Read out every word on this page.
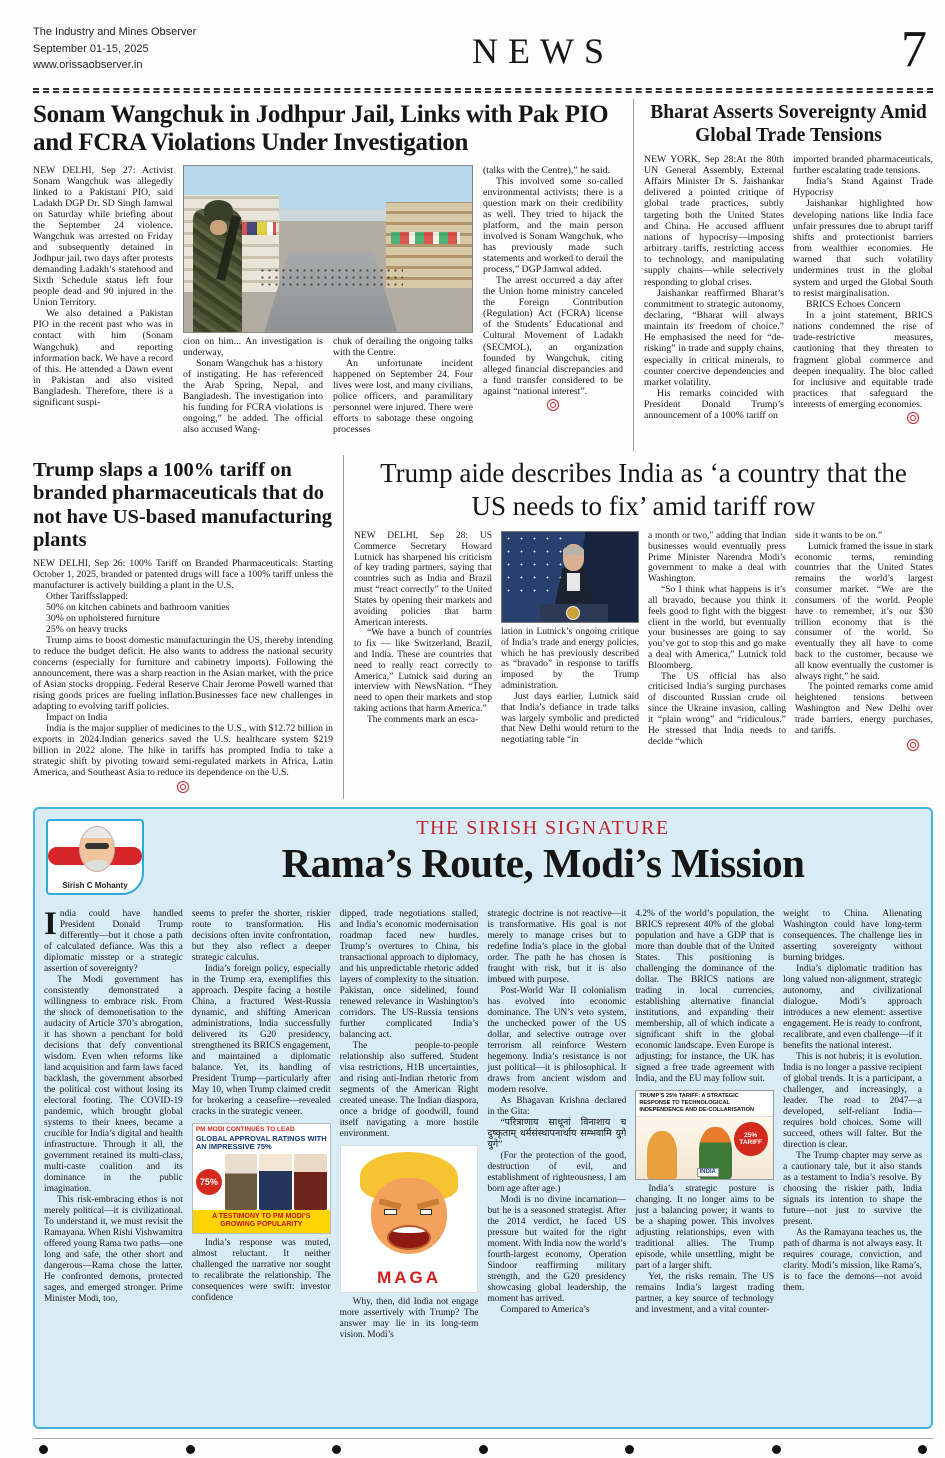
The Industry and Mines Observer
September 01-15, 2025
www.orissaobserver.in	NEWS	7
Sonam Wangchuk in Jodhpur Jail, Links with Pak PIO and FCRA Violations Under Investigation

NEW DELHI, Sep 27: Activist Sonam Wangchuk was allegedly linked to a Pakistani PIO, said Ladakh DGP Dr. SD Singh Jamwal on Saturday while briefing about the September 24 violence. Wangchuk was arrested on Friday and subsequently detained in Jodhpur jail, two days after protests demanding Ladakh’s statehood and Sixth Schedule status left four people dead and 90 injured in the Union Territory.

We also detained a Pakistan PIO in the recent past who was in contact with him (Sonam Wangchuk) and reporting information back. We have a record of this. He attended a Dawn event in Pakistan and also visited Bangladesh. Therefore, there is a significant suspi-

cion on him... An investigation is underway,

Sonam Wangchuk has a history of instigating. He has referenced the Arab Spring, Nepal, and Bangladesh. The investigation into his funding for FCRA violations is ongoing,” he added. The official also accused Wang-

chuk of derailing the ongoing talks with the Centre.

An unfortunate incident happened on September 24. Four lives were lost, and many civilians, police officers, and paramilitary personnel were injured. There were efforts to sabotage these ongoing processes

(talks with the Centre),” he said.

This involved some so-called environmental activists; there is a question mark on their credibility as well. They tried to hijack the platform, and the main person involved is Sonam Wangchuk, who has previously made such statements and worked to derail the process,” DGP Jamwal added.

The arrest occurred a day after the Union home ministry canceled the Foreign Contribution (Regulation) Act (FCRA) license of the Students’ Educational and Cultural Movement of Ladakh (SECMOL), an organization founded by Wangchuk, citing alleged financial discrepancies and a fund transfer considered to be against “national interest”.

Bharat Asserts Sovereignty Amid Global Trade Tensions

NEW YORK, Sep 28:At the 80th UN General Assembly, External Affairs Minister Dr S. Jaishankar delivered a pointed critique of global trade practices, subtly targeting both the United States and China. He accused affluent nations of hypocrisy—imposing arbitrary tariffs, restricting access to technology, and manipulating supply chains—while selectively responding to global crises.

Jaishankar reaffirmed Bharat’s commitment to strategic autonomy, declaring, “Bharat will always maintain its freedom of choice.” He emphasised the need for “de-risking” in trade and supply chains, especially in critical minerals, to counter coercive dependencies and market volatility.

His remarks coincided with President Donald Trump’s announcement of a 100% tariff on

imported branded pharmaceuticals, further escalating trade tensions.

India’s Stand Against Trade Hypocrisy

Jaishankar highlighted how developing nations like India face unfair pressures due to abrupt tariff shifts and protectionist barriers from wealthier economies. He warned that such volatility undermines trust in the global system and urged the Global South to resist marginalisation.

BRICS Echoes Concern

In a joint statement, BRICS nations condemned the rise of trade-restrictive measures, cautioning that they threaten to fragment global commerce and deepen inequality. The bloc called for inclusive and equitable trade practices that safeguard the interests of emerging economies.

Trump slaps a 100% tariff on branded pharmaceuticals that do not have US-based manufacturing plants

NEW DELHI, Sep 26: 100% Tariff on Branded Pharmaceuticals: Starting October 1, 2025, branded or patented drugs will face a 100% tariff unless the manufacturer is actively building a plant in the U.S.

Other Tariffsslapped:

50% on kitchen cabinets and bathroom vanities

30% on upholstered furniture

25% on heavy trucks

Trump aims to boost domestic manufacturingin the US, thereby intending to reduce the budget deficit. He also wants to address the national security concerns (especially for furniture and cabinetry imports). Following the announcement, there was a sharp reaction in the Asian market, with the price of Asian stocks dropping. Federal Reserve Chair Jerome Powell warned that rising goods prices are fueling inflation.Businesses face new challenges in adapting to evolving tariff policies.

Impact on India

India is the major supplier of medicines to the U.S., with $12.72 billion in exports in 2024.Indian generics saved the U.S. healthcare system $219 billion in 2022 alone. The hike in tariffs has prompted India to take a strategic shift by pivoting toward semi-regulated markets in Africa, Latin America, and Southeast Asia to reduce its dependence on the U.S.

Trump aide describes India as ‘a country that the US needs to fix’ amid tariff row

NEW DELHI, Sep 28: US Commerce Secretary Howard Lutnick has sharpened his criticism of key trading partners, saying that countries such as India and Brazil must “react correctly” to the United States by opening their markets and avoiding policies that harm American interests.

“We have a bunch of countries to fix — like Switzerland, Brazil, and India. These are countries that need to really react correctly to America,” Lutnick said during an interview with NewsNation. “They need to open their markets and stop taking actions that harm America.”

The comments mark an esca-

lation in Lutnick’s ongoing critique of India’s trade and energy policies, which he has previously described as “bravado” in response to tariffs imposed by the Trump administration.

Just days earlier, Lutnick said that India’s defiance in trade talks was largely symbolic and predicted that New Delhi would return to the negotiating table “in

a month or two," adding that Indian businesses would eventually press Prime Minister Narendra Modi’s government to make a deal with Washington.

“So I think what happens is it’s all bravado, because you think it feels good to fight with the biggest client in the world, but eventually your businesses are going to say you’ve got to stop this and go make a deal with America,” Lutnick told Bloomberg.

The US official has also criticised India’s surging purchases of discounted Russian crude oil since the Ukraine invasion, calling it “plain wrong” and “ridiculous.” He stressed that India needs to decide “which

side it wants to be on.”

Lutnick framed the issue in stark economic terms, reminding countries that the United States remains the world’s largest consumer market. “We are the consumers of the world. People have to remember, it’s our $30 trillion economy that is the consumer of the world. So eventually they all have to come back to the customer, because we all know eventually the customer is always right,” he said.

The pointed remarks come amid heightened tensions between Washington and New Delhi over trade barriers, energy purchases, and tariffs.

Sirish C Mohanty
THE SIRISH SIGNATURE
Rama’s Route, Modi’s Mission

India could have handled President Donald Trump differently—but it chose a path of calculated defiance. Was this a diplomatic misstep or a strategic assertion of sovereignty?

The Modi government has consistently demonstrated a willingness to embrace risk. From the shock of demonetisation to the audacity of Article 370’s abrogation, it has shown a penchant for bold decisions that defy conventional wisdom. Even when reforms like land acquisition and farm laws faced backlash, the government absorbed the political cost without losing its electoral footing. The COVID-19 pandemic, which brought global systems to their knees, became a crucible for India’s digital and health infrastructure. Through it all, the government retained its multi-class, multi-caste coalition and its dominance in the public imagination.

This risk-embracing ethos is not merely political—it is civilizational. To understand it, we must revisit the Ramayana. When Rishi Vishwamitra offered young Rama two paths—one long and safe, the other short and dangerous—Rama chose the latter. He confronted demons, protected sages, and emerged stronger. Prime Minister Modi, too,

seems to prefer the shorter, riskier route to transformation. His decisions often invite confrontation, but they also reflect a deeper strategic calculus.

India’s foreign policy, especially in the Trump era, exemplifies this approach. Despite facing a hostile China, a fractured West-Russia dynamic, and shifting American administrations, India successfully delivered its G20 presidency, strengthened its BRICS engagement, and maintained a diplomatic balance. Yet, its handling of President Trump—particularly after May 10, when Trump claimed credit for brokering a ceasefire—revealed cracks in the strategic veneer.

PM MODI CONTINUES TO LEAD
GLOBAL APPROVAL RATINGS WITH AN IMPRESSIVE 75%
75%
A TESTIMONY TO PM MODI’S GROWING POPULARITY

India’s response was muted, almost reluctant. It neither challenged the narrative nor sought to recalibrate the relationship. The consequences were swift: investor confidence

dipped, trade negotiations stalled, and India’s economic modernisation roadmap faced new hurdles. Trump’s overtures to China, his transactional approach to diplomacy, and his unpredictable rhetoric added layers of complexity to the situation. Pakistan, once sidelined, found renewed relevance in Washington’s corridors. The US-Russia tensions further complicated India’s balancing act.

The people-to-people relationship also suffered. Student visa restrictions, H1B uncertainties, and rising anti-Indian rhetoric from segments of the American Right created unease. The Indian diaspora, once a bridge of goodwill, found itself navigating a more hostile environment.

MAGA

Why, then, did India not engage more assertively with Trump? The answer may lie in its long-term vision. Modi’s

strategic doctrine is not reactive—it is transformative. His goal is not merely to manage crises but to redefine India’s place in the global order. The path he has chosen is fraught with risk, but it is also imbued with purpose.

Post-World War II colonialism has evolved into economic dominance. The UN’s veto system, the unchecked power of the US dollar, and selective outrage over terrorism all reinforce Western hegemony. India’s resistance is not just political—it is philosophical. It draws from ancient wisdom and modern resolve.

As Bhagavan Krishna declared in the Gita:

“परित्राणाय साधूनां विनाशाय च दुष्कृताम् धर्मसंस्थापनार्थाय सम्भवामि युगे युगे”

(For the protection of the good, destruction of evil, and establishment of righteousness, I am born age after age.)

Modi is no divine incarnation—but he is a seasoned strategist. After the 2014 verdict, he faced US pressure but waited for the right moment. With India now the world’s fourth-largest economy, Operation Sindoor reaffirming military strength, and the G20 presidency showcasing global leadership, the moment has arrived.

Compared to America’s

4.2% of the world’s population, the BRICS represent 40% of the global population and have a GDP that is more than double that of the United States. This positioning is challenging the dominance of the dollar. The BRICS nations are trading in local currencies, establishing alternative financial institutions, and expanding their membership, all of which indicate a significant shift in the global economic landscape. Even Europe is adjusting; for instance, the UK has signed a free trade agreement with India, and the EU may follow suit.

TRUMP’S 25% TARIFF: A STRATEGIC RESPONSE TO TECHNOLOGICAL INDEPENDENCE AND DE-COLLARISATION
INDIA
25% TARIFF

India’s strategic posture is changing. It no longer aims to be just a balancing power; it wants to be a shaping power. This involves adjusting relationships, even with traditional allies. The Trump episode, while unsettling, might be part of a larger shift.

Yet, the risks remain. The US remains India’s largest trading partner, a key source of technology and investment, and a vital counter-

weight to China. Alienating Washington could have long-term consequences. The challenge lies in asserting sovereignty without burning bridges.

India’s diplomatic tradition has long valued non-alignment, strategic autonomy, and civilizational dialogue. Modi’s approach introduces a new element: assertive engagement. He is ready to confront, recalibrate, and even challenge—if it benefits the national interest.

This is not hubris; it is evolution. India is no longer a passive recipient of global trends. It is a participant, a challenger, and increasingly, a leader. The road to 2047—a developed, self-reliant India—requires bold choices. Some will succeed, others will falter. But the direction is clear.

The Trump chapter may serve as a cautionary tale, but it also stands as a testament to India’s resolve. By choosing the riskier path, India signals its intention to shape the future—not just to survive the present.

As the Ramayana teaches us, the path of dharma is not always easy. It requires courage, conviction, and clarity. Modi’s mission, like Rama’s, is to face the demons—not avoid them.
